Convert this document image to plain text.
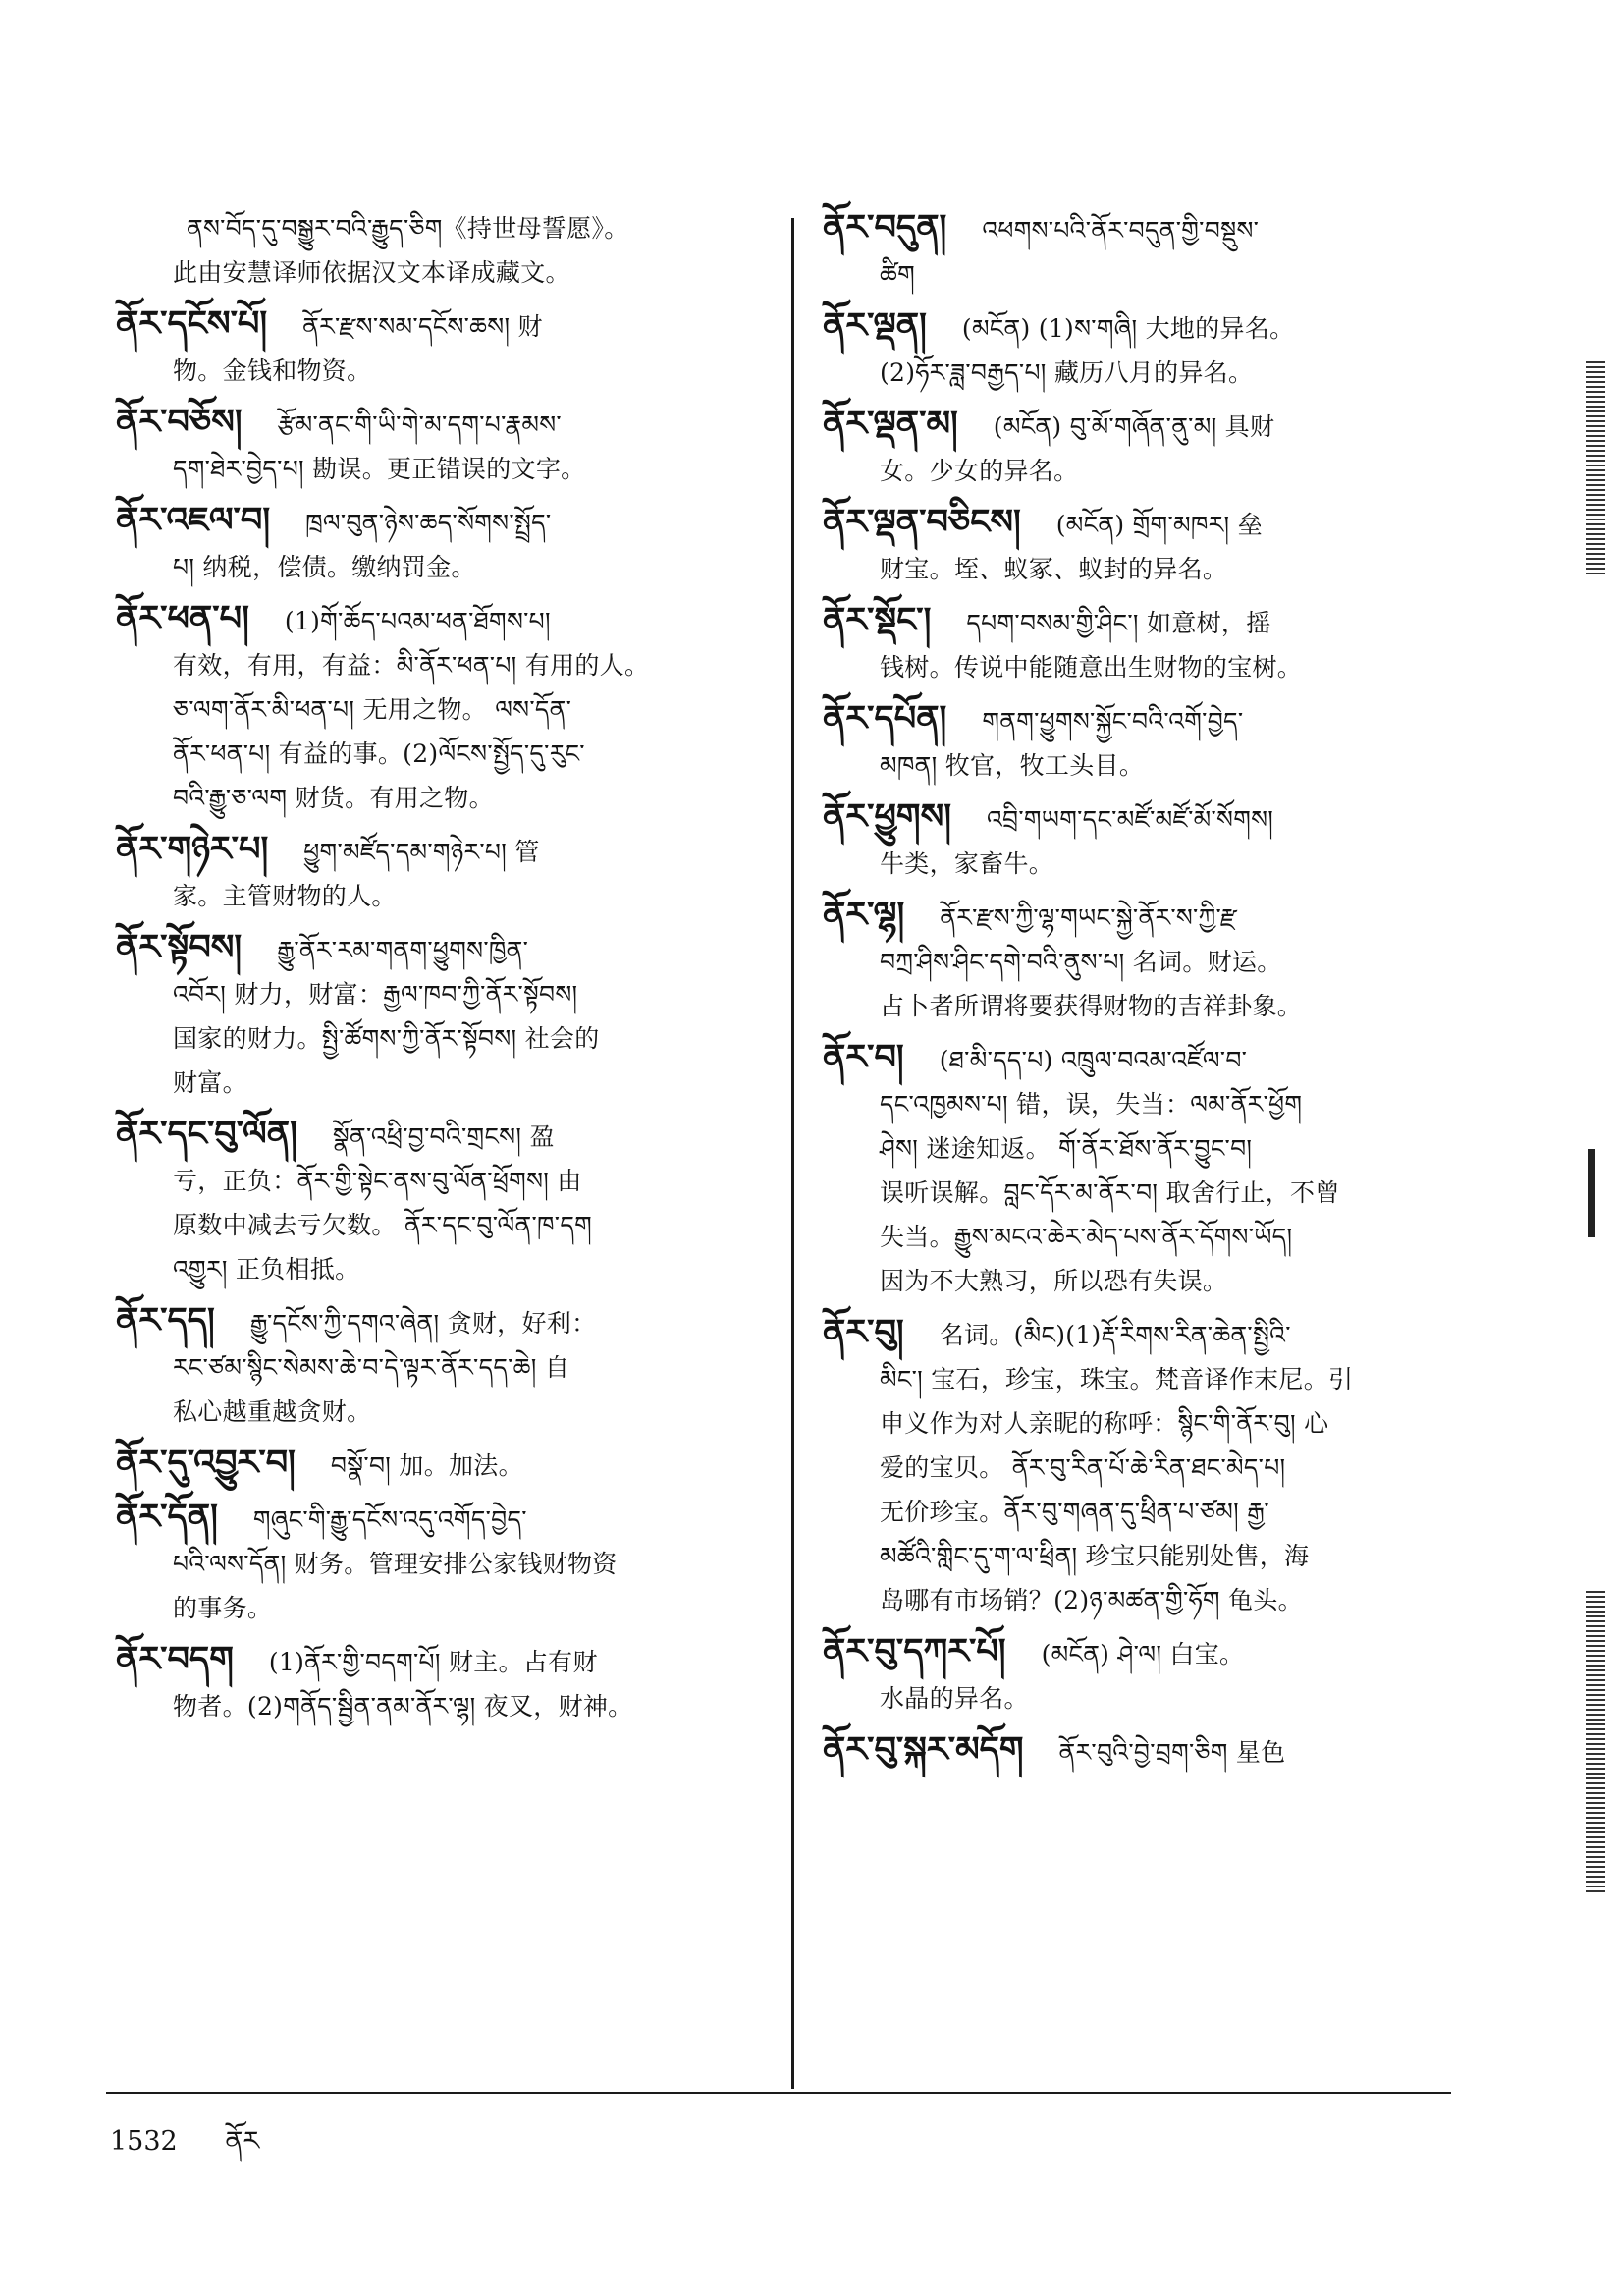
ནས་བོད་དུ་བསྒྱུར་བའི་རྒྱུད་ཅིག《持世母誓愿》。
此由安慧译师依据汉文本译成藏文。
ནོར་དངོས་པོ། ནོར་རྫས་སམ་དངོས་ཆས། 财
物。金钱和物资。
ནོར་བཅོས། རྩོམ་ནང་གི་ཡི་གེ་མ་དག་པ་རྣམས་
དག་ཐེར་བྱེད་པ། 勘误。更正错误的文字。
ནོར་འཇལ་བ། ཁྲལ་བུན་ཉེས་ཆད་སོགས་སྤྲོད་
པ། 纳税，偿债。缴纳罚金。
ནོར་ཕན་པ། (1)གོ་ཆོད་པའམ་ཕན་ཐོགས་པ།
有效，有用，有益：མི་ནོར་ཕན་པ། 有用的人。
ཅ་ལག་ནོར་མི་ཕན་པ། 无用之物。 ལས་དོན་
ནོར་ཕན་པ། 有益的事。(2)ལོངས་སྤྱོད་དུ་རུང་
བའི་རྒྱུ་ཅ་ལག 财货。有用之物。
ནོར་གཉེར་པ། ཕྱུག་མཛོད་དམ་གཉེར་པ། 管
家。主管财物的人。
ནོར་སྟོབས། རྒྱུ་ནོར་རམ་གནག་ཕྱུགས་ཁྱིན་
འབོར། 财力，财富：རྒྱལ་ཁབ་ཀྱི་ནོར་སྟོབས།
国家的财力。སྤྱི་ཚོགས་ཀྱི་ནོར་སྟོབས། 社会的
财富。
ནོར་དང་བུ་ལོན། སྣོན་འཕྲི་བྱ་བའི་གྲངས། 盈
亏，正负：ནོར་གྱི་སྟེང་ནས་བུ་ལོན་ཕྲོགས། 由
原数中减去亏欠数。 ནོར་དང་བུ་ལོན་ཁ་དག
འགྱུར། 正负相抵。
ནོར་དད། རྒྱུ་དངོས་ཀྱི་དགའ་ཞེན། 贪财，好利：
རང་ཙམ་སྙིང་སེམས་ཆེ་བ་དེ་ལྟར་ནོར་དད་ཆེ། 自
私心越重越贪财。
ནོར་དུ་འབྱུར་བ། བསྣོ་བ། 加。加法。
ནོར་དོན། གཞུང་གི་རྒྱུ་དངོས་འདུ་འགོད་བྱེད་
པའི་ལས་དོན། 财务。管理安排公家钱财物资
的事务。
ནོར་བདག (1)ནོར་གྱི་བདག་པོ། 财主。占有财
物者。(2)གནོད་སྦྱིན་ནམ་ནོར་ལྷ། 夜叉，财神。
ནོར་བདུན། འཕགས་པའི་ནོར་བདུན་གྱི་བསྡུས་
ཚིག
ནོར་ལྡན། (མངོན) (1)ས་གཞི། 大地的异名。
(2)ཧོར་ཟླ་བརྒྱད་པ། 藏历八月的异名。
ནོར་ལྡན་མ། (མངོན) བུ་མོ་གཞོན་ནུ་མ། 具财
女。少女的异名。
ནོར་ལྡན་བཅིངས། (མངོན) གྲོག་མཁར། 垒
财宝。垤、蚁冢、蚁封的异名。
ནོར་སྡོང་། དཔག་བསམ་གྱི་ཤིང་། 如意树，摇
钱树。传说中能随意出生财物的宝树。
ནོར་དཔོན། གནག་ཕྱུགས་སྐྱོང་བའི་འགོ་བྱེད་
མཁན། 牧官，牧工头目。
ནོར་ཕྱུགས། འབྲི་གཡག་དང་མཛོ་མཛོ་མོ་སོགས།
牛类，家畜牛。
ནོར་ལྷ། ནོར་རྫས་ཀྱི་ལྷ་གཡང་སྐྱེ་ནོར་ས་ཀྱི་རྫ
བཀྲ་ཤིས་ཤིང་དགེ་བའི་ནུས་པ། 名词。财运。
占卜者所谓将要获得财物的吉祥卦象。
ནོར་བ། (ཐ་མི་དད་པ) འཁྲུལ་བའམ་འཛོལ་བ་
དང་འཁྱམས་པ། 错，误，失当：ལམ་ནོར་ཕྱོག
ཤེས། 迷途知返。 གོ་ནོར་ཐོས་ནོར་བྱུང་བ།
误听误解。བླང་དོར་མ་ནོར་བ། 取舍行止，不曾
失当。རྒྱུས་མངའ་ཆེར་མེད་པས་ནོར་དོགས་ཡོད།
因为不大熟习，所以恐有失误。
ནོར་བུ། 名词。(མིང)(1)རྡོ་རིགས་རིན་ཆེན་སྤྱིའི་
མིང་། 宝石，珍宝，珠宝。梵音译作末尼。引
申义作为对人亲昵的称呼：སྙིང་གི་ནོར་བུ། 心
爱的宝贝。 ནོར་བུ་རིན་པོ་ཆེ་རིན་ཐང་མེད་པ།
无价珍宝。ནོར་བུ་གཞན་དུ་ཕྲིན་པ་ཙམ། རྒྱ་
མཚོའི་གླིང་དུ་ག་ལ་ཕྲིན། 珍宝只能别处售，海
岛哪有市场销？(2)ཉ་མཚན་གྱི་ཧོག 龟头。
ནོར་བུ་དཀར་པོ། (མངོན) ཤེ་ལ། 白宝。
水晶的异名。
ནོར་བུ་སྐར་མདོག ནོར་བུའི་བྱེ་བྲག་ཅིག 星色
1532 ནོར
